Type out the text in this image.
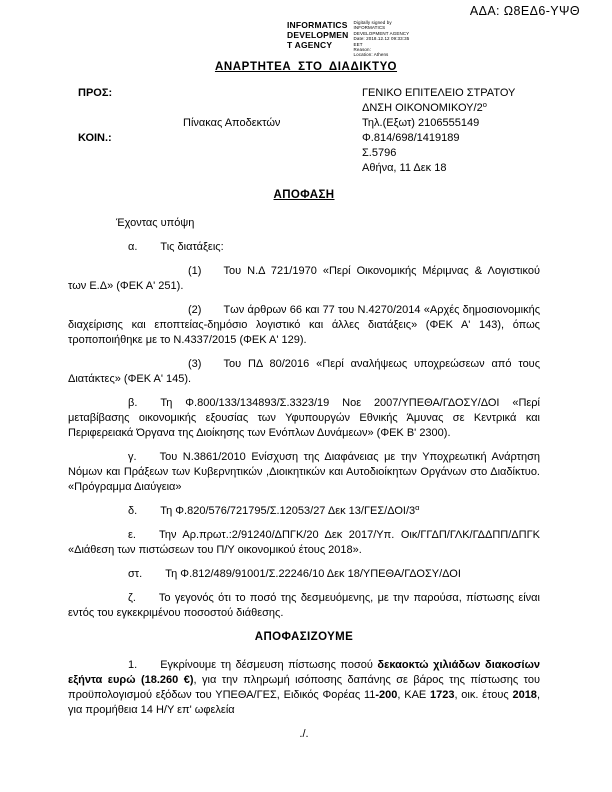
ΑΔΑ: Ω8ΕΔ6-ΥΨΘ
INFORMATICS
DEVELOPMEN
T AGENCY
Digitally signed by
INFORMATICS
DEVELOPMENT AGENCY
Date: 2018.12.12 09:33:35
EET
Reason:
Location: Athens
ΑΝΑΡΤΗΤΕΑ ΣΤΟ ΔΙΑΔΙΚΤΥΟ
ΠΡΟΣ:
Πίνακας Αποδεκτών
ΚΟΙΝ.:
ΓΕΝΙΚΟ ΕΠΙΤΕΛΕΙΟ ΣΤΡΑΤΟΥ
ΔΝΣΗ ΟΙΚΟΝΟΜΙΚΟΥ/$2^o$
Τηλ.(Εξωτ) 2106555149
Φ.814/698/1419189
Σ.5796
Αθήνα, 11 Δεκ 18
ΑΠΟΦΑΣΗ

Έχοντας υπόψη

α. Τις διατάξεις:

(1) Του Ν.Δ 721/1970 «Περί Οικονομικής Μέριμνας & Λογιστικού των Ε.Δ» (ΦΕΚ Α' 251).

(2) Των άρθρων 66 και 77 του Ν.4270/2014 «Αρχές δημοσιονομικής διαχείρισης και εποπτείας-δημόσιο λογιστικό και άλλες διατάξεις» (ΦΕΚ Α' 143), όπως τροποποιήθηκε με το Ν.4337/2015 (ΦΕΚ Α' 129).

(3) Του ΠΔ 80/2016 «Περί αναλήψεως υποχρεώσεων από τους Διατάκτες» (ΦΕΚ Α' 145).

β. Τη Φ.800/133/134893/Σ.3323/19 Νοε 2007/ΥΠΕΘΑ/ΓΔΟΣΥ/ΔΟΙ «Περί μεταβίβασης οικονομικής εξουσίας των Υφυπουργών Εθνικής Άμυνας σε Κεντρικά και Περιφερειακά Όργανα της Διοίκησης των Ενόπλων Δυνάμεων» (ΦΕΚ Β' 2300).

γ. Του Ν.3861/2010 Ενίσχυση της Διαφάνειας με την Υποχρεωτική Ανάρτηση Νόμων και Πράξεων των Κυβερνητικών ,Διοικητικών και Αυτοδιοίκητων Οργάνων στο Διαδίκτυο. «Πρόγραμμα Διαύγεια»

δ. Τη Φ.820/576/721795/Σ.12053/27 Δεκ $13/\Gamma E\Sigma/\Delta OI/3^\alpha$

ε. Την Αρ.πρωτ.:2/91240/ΔΠΓΚ/20 Δεκ 2017/Υπ. Οικ/ΓΓΔΠ/ΓΛΚ/​ΓΔΔΠΠ/ΔΠΓΚ «Διάθεση των πιστώσεων του Π/Υ οικονομικού έτους 2018».

στ. Τη Φ.812/489/91001/Σ.22246/10 Δεκ 18/ΥΠΕΘΑ/ΓΔΟΣΥ/ΔΟΙ

ζ. Το γεγονός ότι το ποσό της δεσμευόμενης, με την παρούσα, πίστωσης είναι εντός του εγκεκριμένου ποσοστού διάθεσης.

ΑΠΟΦΑΣΙΖΟΥΜΕ

1. Εγκρίνουμε τη δέσμευση πίστωσης ποσού δεκαοκτώ χιλιάδων διακοσίων εξήντα ευρώ (18.260 €), για την πληρωμή ισόποσης δαπάνης σε βάρος της πίστωσης του προϋπολογισμού εξόδων του ΥΠΕΘΑ/ΓΕΣ, Ειδικός Φορέας 11-200, ΚΑΕ 1723, οικ. έτους 2018, για προμήθεια 14 Η/Υ επ' ωφελεία

./.
